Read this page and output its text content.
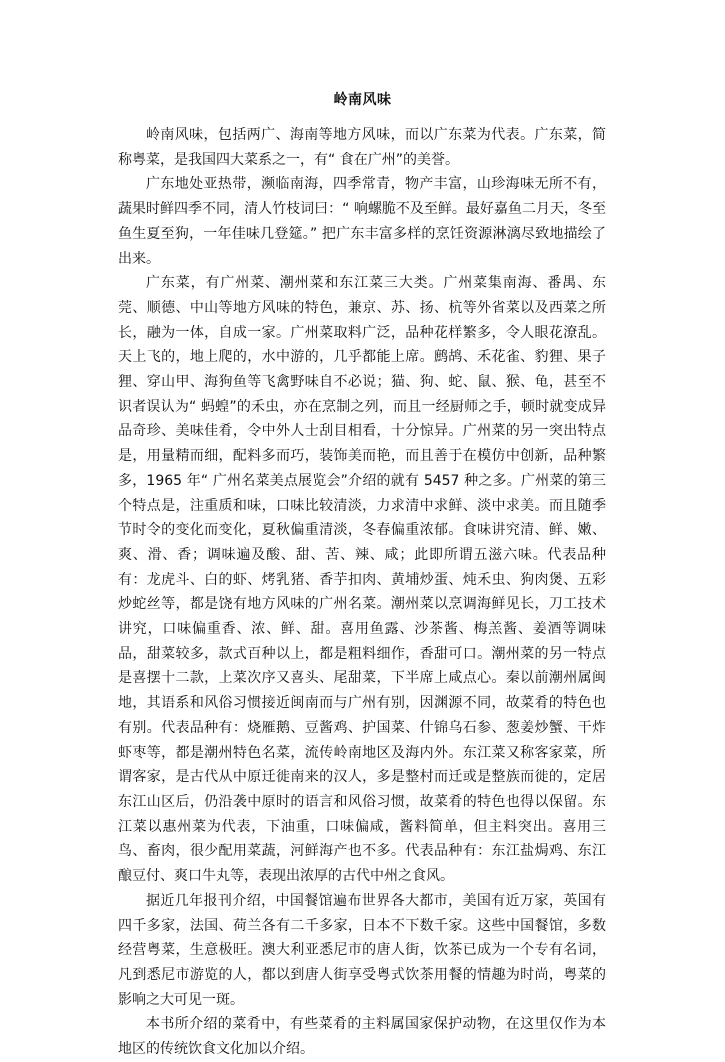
岭南风味

岭南风味，包括两广、海南等地方风味，而以广东菜为代表。广东菜，简称粤菜，是我国四大菜系之一，有“ 食在广州”的美誉。

广东地处亚热带，濒临南海，四季常青，物产丰富，山珍海味无所不有，蔬果时鲜四季不同，清人竹枝词曰：“ 响螺脆不及至鲜。最好嘉鱼二月天，冬至鱼生夏至狗，一年佳味几登筵。” 把广东丰富多样的烹饪资源淋漓尽致地描绘了出来。

广东菜，有广州菜、潮州菜和东江菜三大类。广州菜集南海、番禺、东莞、顺德、中山等地方风味的特色，兼京、苏、扬、杭等外省菜以及西菜之所长，融为一体，自成一家。广州菜取料广泛，品种花样繁多，令人眼花潦乱。天上飞的，地上爬的，水中游的，几乎都能上席。鹧鸪、禾花雀、豹狸、果子狸、穿山甲、海狗鱼等飞禽野味自不必说；猫、狗、蛇、鼠、猴、龟，甚至不识者误认为“ 蚂蝗”的禾虫，亦在烹制之列，而且一经厨师之手，顿时就变成异品奇珍、美味佳肴，令中外人士刮目相看，十分惊异。广州菜的另一突出特点是，用量精而细，配料多而巧，装饰美而艳，而且善于在模仿中创新，品种繁多，1965 年“ 广州名菜美点展览会”介绍的就有 5457 种之多。广州菜的第三个特点是，注重质和味，口味比较清淡，力求清中求鲜、淡中求美。而且随季节时令的变化而变化，夏秋偏重清淡，冬春偏重浓郁。食味讲究清、鲜、嫩、爽、滑、香；调味遍及酸、甜、苦、辣、咸；此即所谓五滋六味。代表品种有：龙虎斗、白的虾、烤乳猪、香芋扣肉、黄埔炒蛋、炖禾虫、狗肉煲、五彩炒蛇丝等，都是饶有地方风味的广州名菜。潮州菜以烹调海鲜见长，刀工技术讲究，口味偏重香、浓、鲜、甜。喜用鱼露、沙茶酱、梅羔酱、姜酒等调味品，甜菜较多，款式百种以上，都是粗料细作，香甜可口。潮州菜的另一特点是喜摆十二款，上菜次序又喜头、尾甜菜，下半席上咸点心。秦以前潮州属闽地，其语系和风俗习惯接近闽南而与广州有别，因渊源不同，故菜肴的特色也有别。代表品种有：烧雁鹅、豆酱鸡、护国菜、什锦乌石参、葱姜炒蟹、干炸虾枣等，都是潮州特色名菜，流传岭南地区及海内外。东江菜又称客家菜，所谓客家，是古代从中原迁徙南来的汉人，多是整村而迁或是整族而徙的，定居东江山区后，仍沿袭中原时的语言和风俗习惯，故菜肴的特色也得以保留。东江菜以惠州菜为代表，下油重，口味偏咸，酱料简单，但主料突出。喜用三鸟、畜肉，很少配用菜蔬，河鲜海产也不多。代表品种有：东江盐焗鸡、东江酿豆付、爽口牛丸等，表现出浓厚的古代中州之食风。

据近几年报刊介绍，中国餐馆遍布世界各大都市，美国有近万家，英国有四千多家，法国、荷兰各有二千多家，日本不下数千家。这些中国餐馆，多数经营粤菜，生意极旺。澳大利亚悉尼市的唐人街，饮茶已成为一个专有名词，凡到悉尼市游览的人，都以到唐人街享受粤式饮茶用餐的情趣为时尚，粤菜的影响之大可见一斑。

本书所介绍的菜肴中，有些菜肴的主料属国家保护动物，在这里仅作为本地区的传统饮食文化加以介绍。
